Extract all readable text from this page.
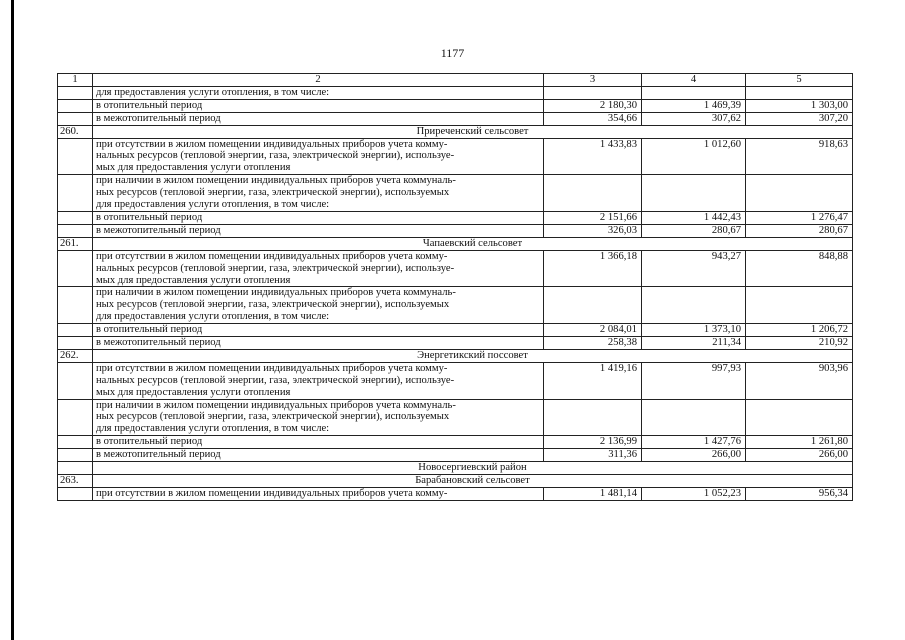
1177
1	2	3	4	5
	для предоставления услуги отопления, в том числе:			
	в отопительный период	2 180,30	1 469,39	1 303,00
	в межотопительный период	354,66	307,62	307,20
260.	Приреченский сельсовет			
	при отсутствии в жилом помещении индивидуальных приборов учета комму-
нальных ресурсов (тепловой энергии, газа, электрической энергии), используе-
мых для предоставления услуги отопления	1 433,83	1 012,60	918,63
	при наличии в жилом помещении индивидуальных приборов учета коммуналь-
ных ресурсов (тепловой энергии, газа, электрической энергии), используемых
для предоставления услуги отопления, в том числе:			
	в отопительный период	2 151,66	1 442,43	1 276,47
	в межотопительный период	326,03	280,67	280,67
261.	Чапаевский сельсовет			
	при отсутствии в жилом помещении индивидуальных приборов учета комму-
нальных ресурсов (тепловой энергии, газа, электрической энергии), используе-
мых для предоставления услуги отопления	1 366,18	943,27	848,88
	при наличии в жилом помещении индивидуальных приборов учета коммуналь-
ных ресурсов (тепловой энергии, газа, электрической энергии), используемых
для предоставления услуги отопления, в том числе:			
	в отопительный период	2 084,01	1 373,10	1 206,72
	в межотопительный период	258,38	211,34	210,92
262.	Энергетикский поссовет			
	при отсутствии в жилом помещении индивидуальных приборов учета комму-
нальных ресурсов (тепловой энергии, газа, электрической энергии), используе-
мых для предоставления услуги отопления	1 419,16	997,93	903,96
	при наличии в жилом помещении индивидуальных приборов учета коммуналь-
ных ресурсов (тепловой энергии, газа, электрической энергии), используемых
для предоставления услуги отопления, в том числе:			
	в отопительный период	2 136,99	1 427,76	1 261,80
	в межотопительный период	311,36	266,00	266,00
	Новосергиевский район			
263.	Барабановский сельсовет			
	при отсутствии в жилом помещении индивидуальных приборов учета комму-	1 481,14	1 052,23	956,34
